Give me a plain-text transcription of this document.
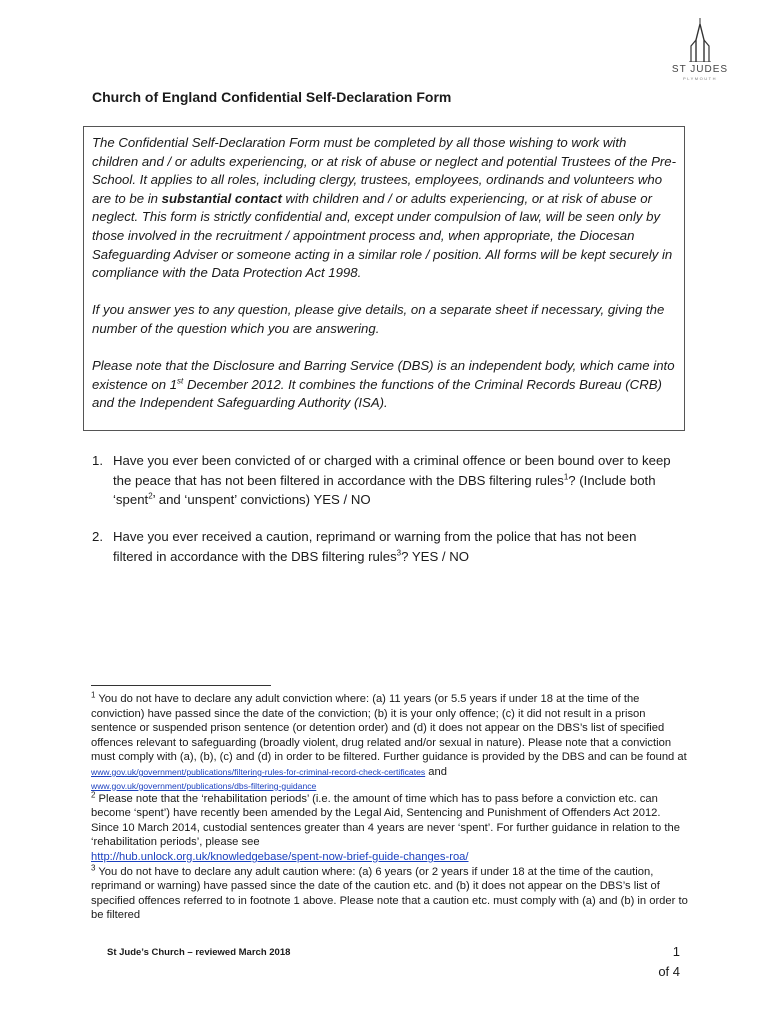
ST JUDES
PLYMOUTH
Church of England Confidential Self-Declaration Form

The Confidential Self-Declaration Form must be completed by all those wishing to work with children and / or adults experiencing, or at risk of abuse or neglect and potential Trustees of the Pre-School. It applies to all roles, including clergy, trustees, employees, ordinands and volunteers who are to be in substantial contact with children and / or adults experiencing, or at risk of abuse or neglect. This form is strictly confidential and, except under compulsion of law, will be seen only by those involved in the recruitment / appointment process and, when appropriate, the Diocesan Safeguarding Adviser or someone acting in a similar role / position. All forms will be kept securely in compliance with the Data Protection Act 1998.

If you answer yes to any question, please give details, on a separate sheet if necessary, giving the number of the question which you are answering.

Please note that the Disclosure and Barring Service (DBS) is an independent body, which came into existence on 1st December 2012. It combines the functions of the Criminal Records Bureau (CRB) and the Independent Safeguarding Authority (ISA).

1. Have you ever been convicted of or charged with a criminal offence or been bound over to keep the peace that has not been filtered in accordance with the DBS filtering rules$^1$? (Include both ‘spent$^2$’ and ‘unspent’ convictions) YES / NO
2. Have you ever received a caution, reprimand or warning from the police that has not been filtered in accordance with the DBS filtering rules$^3$? YES / NO

$^1$ You do not have to declare any adult conviction where: (a) 11 years (or 5.5 years if under 18 at the time of the conviction) have passed since the date of the conviction; (b) it is your only offence; (c) it did not result in a prison sentence or suspended prison sentence (or detention order) and (d) it does not appear on the DBS’s list of specified offences relevant to safeguarding (broadly violent, drug related and/or sexual in nature). Please note that a conviction must comply with (a), (b), (c) and (d) in order to be filtered. Further guidance is provided by the DBS and can be found at

www.gov.uk/government/publications/filtering-rules-for-criminal-record-check-certificates and

www.gov.uk/government/publications/dbs-filtering-guidance

$^2$ Please note that the ‘rehabilitation periods’ (i.e. the amount of time which has to pass before a conviction etc. can become ‘spent’) have recently been amended by the Legal Aid, Sentencing and Punishment of Offenders Act 2012. Since 10 March 2014, custodial sentences greater than 4 years are never ‘spent’. For further guidance in relation to the ‘rehabilitation periods’, please see

http://hub.unlock.org.uk/knowledgebase/spent-now-brief-guide-changes-roa/

$^3$ You do not have to declare any adult caution where: (a) 6 years (or 2 years if under 18 at the time of the caution, reprimand or warning) have passed since the date of the caution etc. and (b) it does not appear on the DBS’s list of specified offences referred to in footnote 1 above. Please note that a caution etc. must comply with (a) and (b) in order to be filtered

St Jude’s Church – reviewed March 2018	1
of 4
